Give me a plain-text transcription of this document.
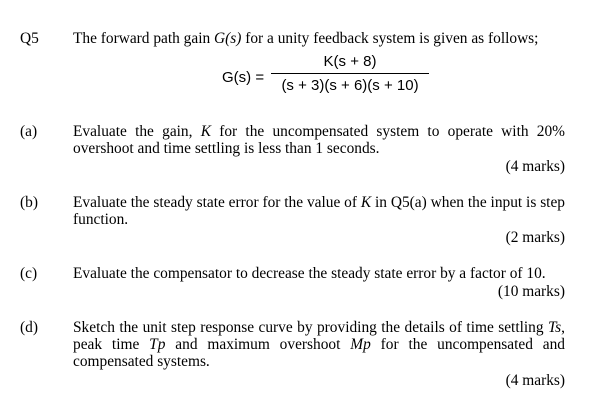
Q5 The forward path gain G(s) for a unity feedback system is given as follows;
G(s) =
K(s + 8)
(s + 3)(s + 6)(s + 10)
(a) Evaluate the gain, K for the uncompensated system to operate with 20% overshoot and time settling is less than 1 seconds.
(4 marks)
(b) Evaluate the steady state error for the value of K in Q5(a) when the input is step function.
(2 marks)
(c) Evaluate the compensator to decrease the steady state error by a factor of 10.
(10 marks)
(d) Sketch the unit step response curve by providing the details of time settling Ts, peak time Tp and maximum overshoot Mp for the uncompensated and compensated systems.
(4 marks)
